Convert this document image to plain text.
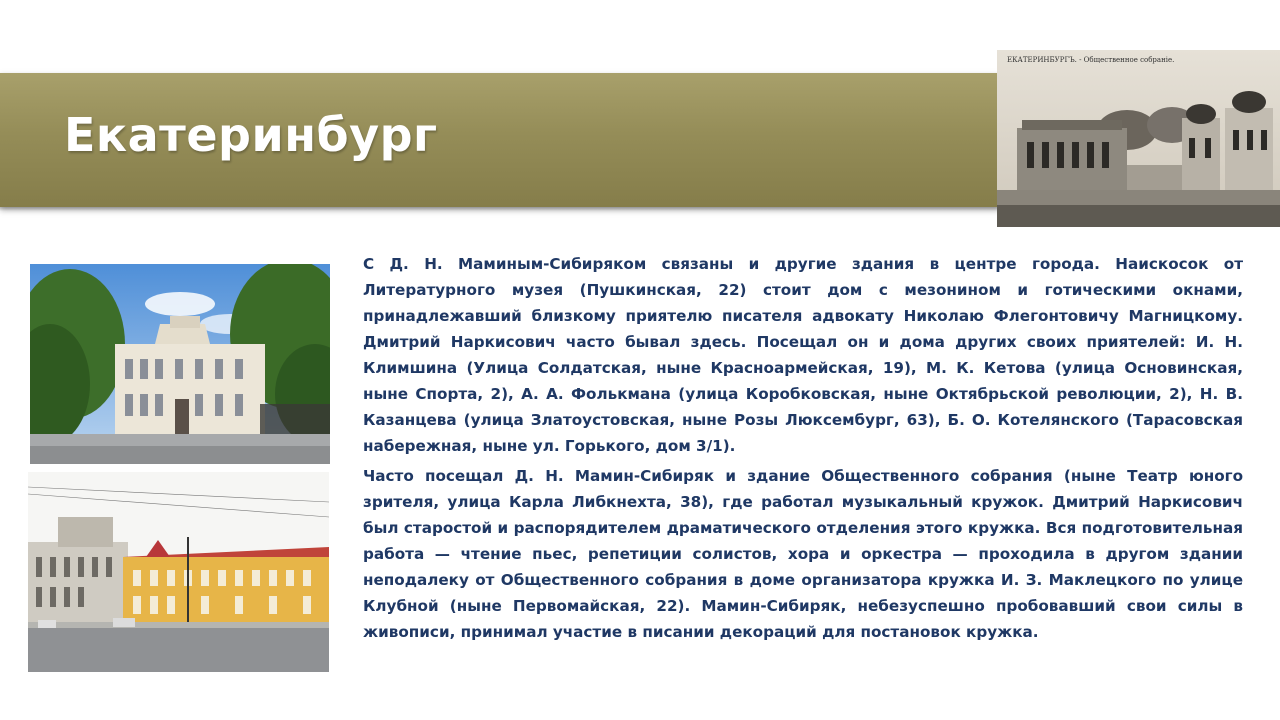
Екатеринбург
ЕКАТЕРИНБУРГЪ. - Общественное собраніе.

С Д. Н. Маминым-Сибиряком связаны и другие здания в центре города. Наискосок от Литературного музея (Пушкинская, 22) стоит дом с мезонином и готическими окнами, принадлежавший близкому приятелю писателя адвокату Николаю Флегонтовичу Магницкому. Дмитрий Наркисович часто бывал здесь. Посещал он и дома других своих приятелей: И. Н. Климшина (Улица Солдатская, ныне Красноармейская, 19), М. К. Кетова (улица Основинская, ныне Спорта, 2), А. А. Фолькмана (улица Коробковская, ныне Октябрьской революции, 2), Н. В. Казанцева (улица Златоустовская, ныне Розы Люксембург, 63), Б. О. Котелянского (Тарасовская набережная, ныне ул. Горького, дом 3/1).

Часто посещал Д. Н. Мамин-Сибиряк и здание Общественного собрания (ныне Театр юного зрителя, улица Карла Либкнехта, 38), где работал музыкальный кружок. Дмитрий Наркисович был старостой и распорядителем драматического отделения этого кружка. Вся подготовительная работа — чтение пьес, репетиции солистов, хора и оркестра — проходила в другом здании неподалеку от Общественного собрания в доме организатора кружка И. З. Маклецкого по улице Клубной (ныне Первомайская, 22). Мамин-Сибиряк, небезуспешно пробовавший свои силы в живописи, принимал участие в писании декораций для постановок кружка.
